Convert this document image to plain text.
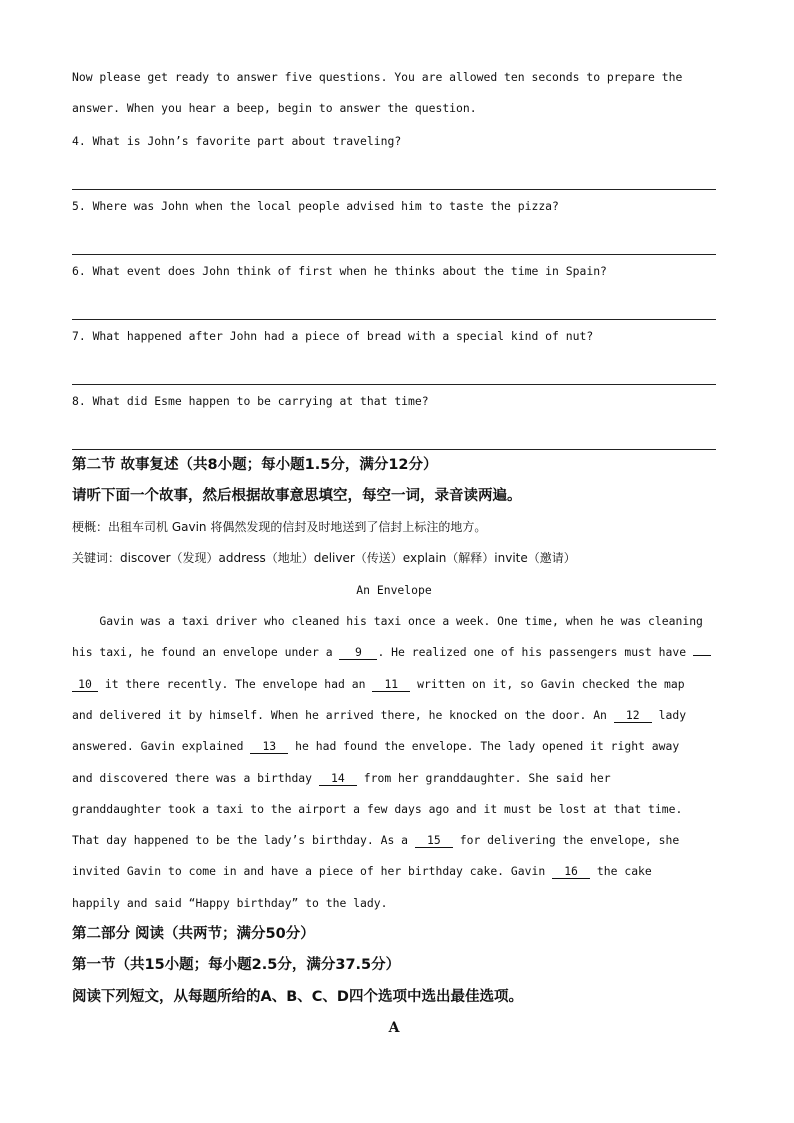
Now please get ready to answer five questions. You are allowed ten seconds to prepare the
answer. When you hear a beep, begin to answer the question.
4. What is John’s favorite part about traveling?
5. Where was John when the local people advised him to taste the pizza?
6. What event does John think of first when he thinks about the time in Spain?
7. What happened after John had a piece of bread with a special kind of nut?
8. What did Esme happen to be carrying at that time?
第二节 故事复述（共8小题；每小题1.5分，满分12分）
请听下面一个故事，然后根据故事意思填空，每空一词，录音读两遍。
梗概：出租车司机 Gavin 将偶然发现的信封及时地送到了信封上标注的地方。
关键词：discover（发现）address（地址）deliver（传送）explain（解释）invite（邀请）
An Envelope
Gavin was a taxi driver who cleaned his taxi once a week. One time, when he was cleaning
his taxi, he found an envelope under a 9 . He realized one of his passengers must have
10 it there recently. The envelope had an 11 written on it, so Gavin checked the map
and delivered it by himself. When he arrived there, he knocked on the door. An 12 lady
answered. Gavin explained 13 he had found the envelope. The lady opened it right away
and discovered there was a birthday 14 from her granddaughter. She said her
granddaughter took a taxi to the airport a few days ago and it must be lost at that time.
That day happened to be the lady’s birthday. As a 15 for delivering the envelope, she
invited Gavin to come in and have a piece of her birthday cake. Gavin 16 the cake
happily and said “Happy birthday” to the lady.
第二部分 阅读（共两节；满分50分）
第一节（共15小题；每小题2.5分，满分37.5分）
阅读下列短文，从每题所给的A、B、C、D四个选项中选出最佳选项。
A
